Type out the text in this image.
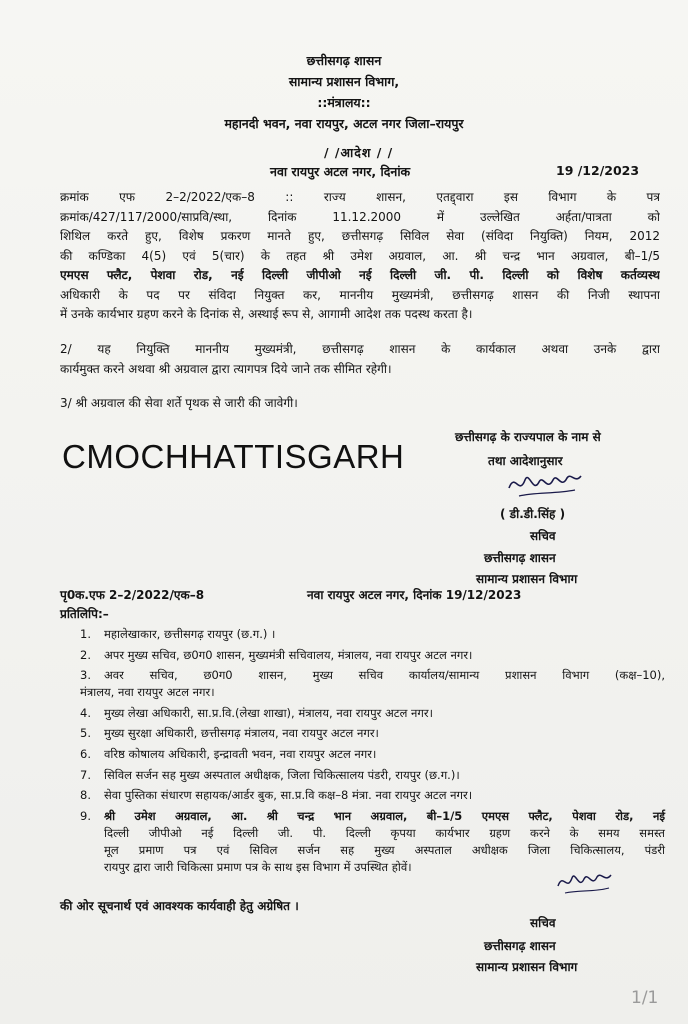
छत्तीसगढ़ शासन
सामान्य प्रशासन विभाग,
::मंत्रालय::
महानदी भवन, नवा रायपुर, अटल नगर जिला–रायपुर
/ /आदेश / /
नवा रायपुर अटल नगर, दिनांक	19 /12/2023
क्रमांक एफ 2–2/2022/एक–8 :: राज्य शासन, एतद्द्वारा इस विभाग के पत्र
क्रमांक/427/117/2000/साप्रवि/स्था, दिनांक 11.12.2000 में उल्लेखित अर्हता/पात्रता को
शिथिल करते हुए, विशेष प्रकरण मानते हुए, छत्तीसगढ़ सिविल सेवा (संविदा नियुक्ति) नियम, 2012
की कण्डिका 4(5) एवं 5(चार) के तहत श्री उमेश अग्रवाल, आ. श्री चन्द्र भान अग्रवाल, बी–1/5
एमएस फ्लैट, पेशवा रोड, नई दिल्ली जीपीओ नई दिल्ली जी. पी. दिल्ली को विशेष कर्तव्यस्थ
अधिकारी के पद पर संविदा नियुक्त कर, माननीय मुख्यमंत्री, छत्तीसगढ़ शासन की निजी स्थापना
में उनके कार्यभार ग्रहण करने के दिनांक से, अस्थाई रूप से, आगामी आदेश तक पदस्थ करता है।
2/ यह नियुक्ति माननीय मुख्यमंत्री, छत्तीसगढ़ शासन के कार्यकाल अथवा उनके द्वारा
कार्यमुक्त करने अथवा श्री अग्रवाल द्वारा त्यागपत्र दिये जाने तक सीमित रहेगी।
3/ श्री अग्रवाल की सेवा शर्ते पृथक से जारी की जावेगी।
CMOCHHATTISGARH
छत्तीसगढ़ के राज्यपाल के नाम से
तथा आदेशानुसार
( डी.डी.सिंह )
सचिव
छत्तीसगढ़ शासन
सामान्य प्रशासन विभाग
पृ0क.एफ 2–2/2022/एक–8	नवा रायपुर अटल नगर, दिनांक 19/12/2023
प्रतिलिपि:–
1. महालेखाकार, छत्तीसगढ़ रायपुर (छ.ग.) ।
2. अपर मुख्य सचिव, छ0ग0 शासन, मुख्यमंत्री सचिवालय, मंत्रालय, नवा रायपुर अटल नगर।
3. अवर सचिव, छ0ग0 शासन, मुख्य सचिव कार्यालय/सामान्य प्रशासन विभाग (कक्ष–10),
मंत्रालय, नवा रायपुर अटल नगर।
4. मुख्य लेखा अधिकारी, सा.प्र.वि.(लेखा शाखा), मंत्रालय, नवा रायपुर अटल नगर।
5. मुख्य सुरक्षा अधिकारी, छत्तीसगढ़ मंत्रालय, नवा रायपुर अटल नगर।
6. वरिष्ठ कोषालय अधिकारी, इन्द्रावती भवन, नवा रायपुर अटल नगर।
7. सिविल सर्जन सह मुख्य अस्पताल अधीक्षक, जिला चिकित्सालय पंडरी, रायपुर (छ.ग.)।
8. सेवा पुस्तिका संधारण सहायक/आर्डर बुक, सा.प्र.वि कक्ष–8 मंत्रा. नवा रायपुर अटल नगर।
9. श्री उमेश अग्रवाल, आ. श्री चन्द्र भान अग्रवाल, बी–1/5 एमएस फ्लैट, पेशवा रोड, नई
दिल्ली जीपीओ नई दिल्ली जी. पी. दिल्ली कृपया कार्यभार ग्रहण करने के समय समस्त
मूल प्रमाण पत्र एवं सिविल सर्जन सह मुख्य अस्पताल अधीक्षक जिला चिकित्सालय, पंडरी
रायपुर द्वारा जारी चिकित्सा प्रमाण पत्र के साथ इस विभाग में उपस्थित होवें।
की ओर सूचनार्थ एवं आवश्यक कार्यवाही हेतु अग्रेषित ।
सचिव
छत्तीसगढ़ शासन
सामान्य प्रशासन विभाग
1/1
